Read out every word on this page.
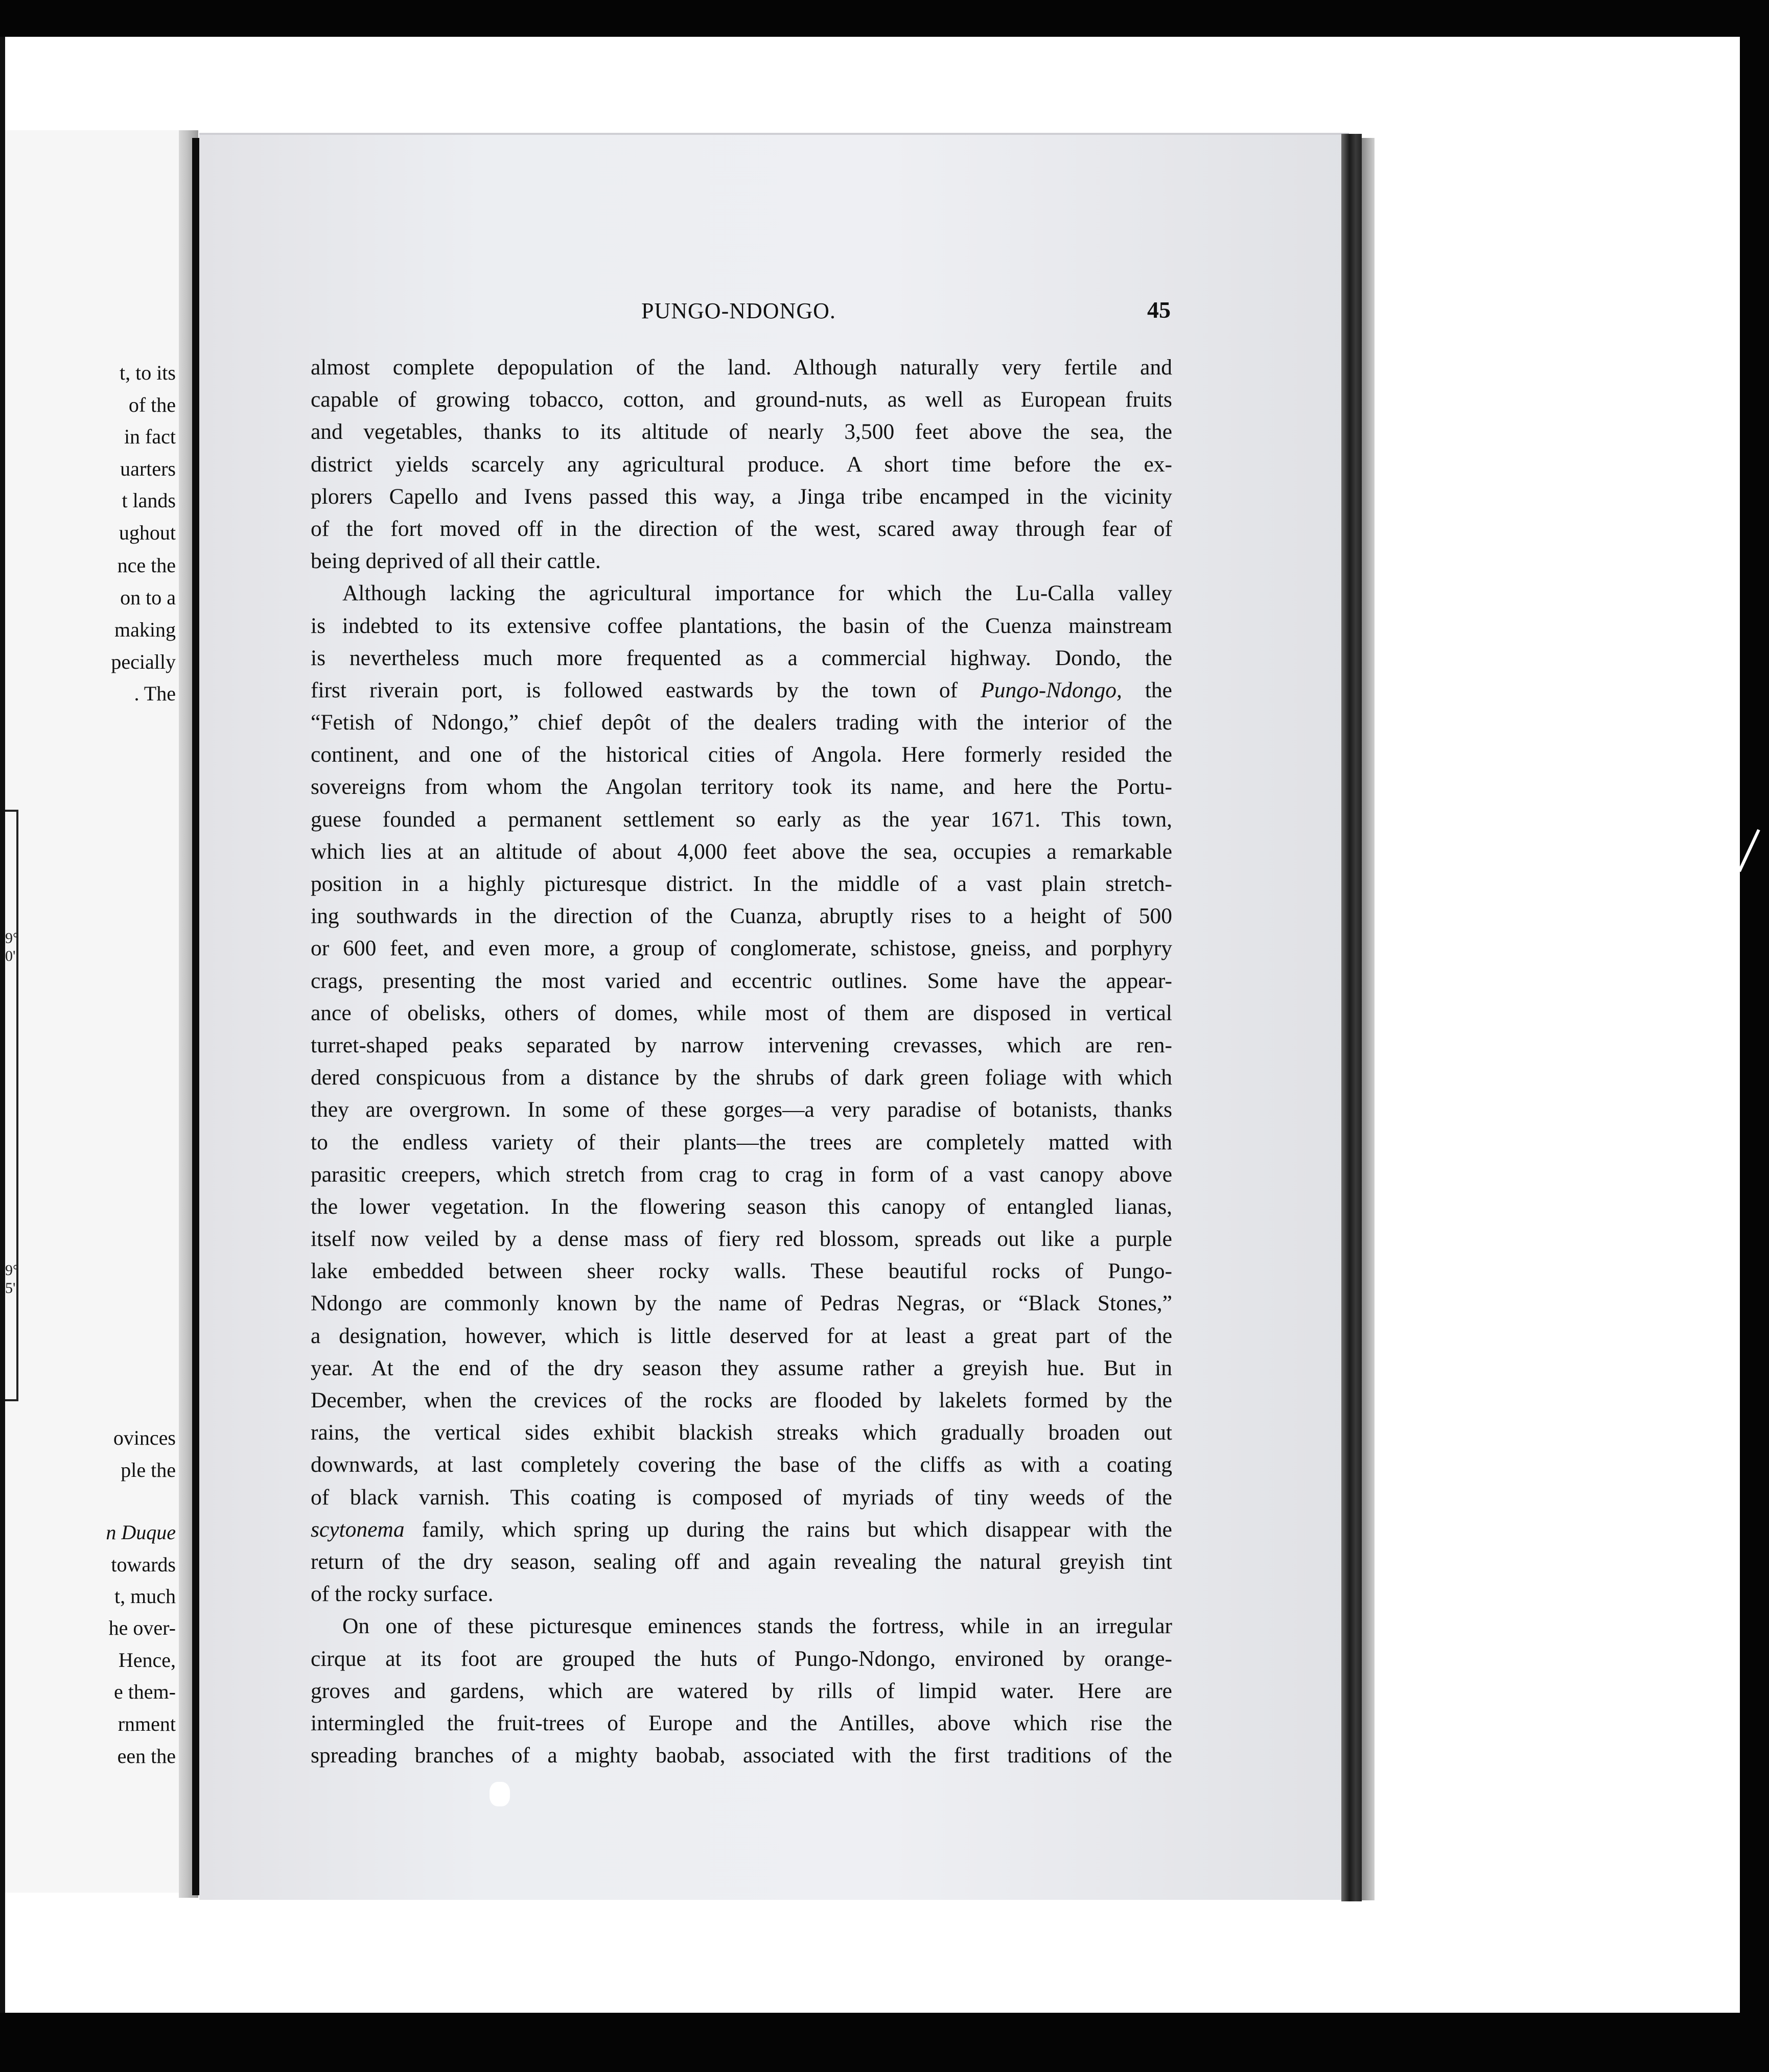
t, to its
of the
in fact
uarters
t lands
ughout
nce the
on to a
making
pecially
. The
9°
0'
9°
5'
ovinces
ple the
n Duque
towards
t, much
he over-
Hence,
e them-
rnment
een the
PUNGO-NDONGO.	45
almost complete depopulation of the land. Although naturally very fertile and
capable of growing tobacco, cotton, and ground-nuts, as well as European fruits
and vegetables, thanks to its altitude of nearly 3,500 feet above the sea, the
district yields scarcely any agricultural produce. A short time before the ex-
plorers Capello and Ivens passed this way, a Jinga tribe encamped in the vicinity
of the fort moved off in the direction of the west, scared away through fear of
being deprived of all their cattle.
Although lacking the agricultural importance for which the Lu-Calla valley
is indebted to its extensive coffee plantations, the basin of the Cuenza mainstream
is nevertheless much more frequented as a commercial highway. Dondo, the
first riverain port, is followed eastwards by the town of Pungo-Ndongo, the
“Fetish of Ndongo,” chief depôt of the dealers trading with the interior of the
continent, and one of the historical cities of Angola. Here formerly resided the
sovereigns from whom the Angolan territory took its name, and here the Portu-
guese founded a permanent settlement so early as the year 1671. This town,
which lies at an altitude of about 4,000 feet above the sea, occupies a remarkable
position in a highly picturesque district. In the middle of a vast plain stretch-
ing southwards in the direction of the Cuanza, abruptly rises to a height of 500
or 600 feet, and even more, a group of conglomerate, schistose, gneiss, and porphyry
crags, presenting the most varied and eccentric outlines. Some have the appear-
ance of obelisks, others of domes, while most of them are disposed in vertical
turret-shaped peaks separated by narrow intervening crevasses, which are ren-
dered conspicuous from a distance by the shrubs of dark green foliage with which
they are overgrown. In some of these gorges—a very paradise of botanists, thanks
to the endless variety of their plants—the trees are completely matted with
parasitic creepers, which stretch from crag to crag in form of a vast canopy above
the lower vegetation. In the flowering season this canopy of entangled lianas,
itself now veiled by a dense mass of fiery red blossom, spreads out like a purple
lake embedded between sheer rocky walls. These beautiful rocks of Pungo-
Ndongo are commonly known by the name of Pedras Negras, or “Black Stones,”
a designation, however, which is little deserved for at least a great part of the
year. At the end of the dry season they assume rather a greyish hue. But in
December, when the crevices of the rocks are flooded by lakelets formed by the
rains, the vertical sides exhibit blackish streaks which gradually broaden out
downwards, at last completely covering the base of the cliffs as with a coating
of black varnish. This coating is composed of myriads of tiny weeds of the
scytonema family, which spring up during the rains but which disappear with the
return of the dry season, sealing off and again revealing the natural greyish tint
of the rocky surface.
On one of these picturesque eminences stands the fortress, while in an irregular
cirque at its foot are grouped the huts of Pungo-Ndongo, environed by orange-
groves and gardens, which are watered by rills of limpid water. Here are
intermingled the fruit-trees of Europe and the Antilles, above which rise the
spreading branches of a mighty baobab, associated with the first traditions of the
